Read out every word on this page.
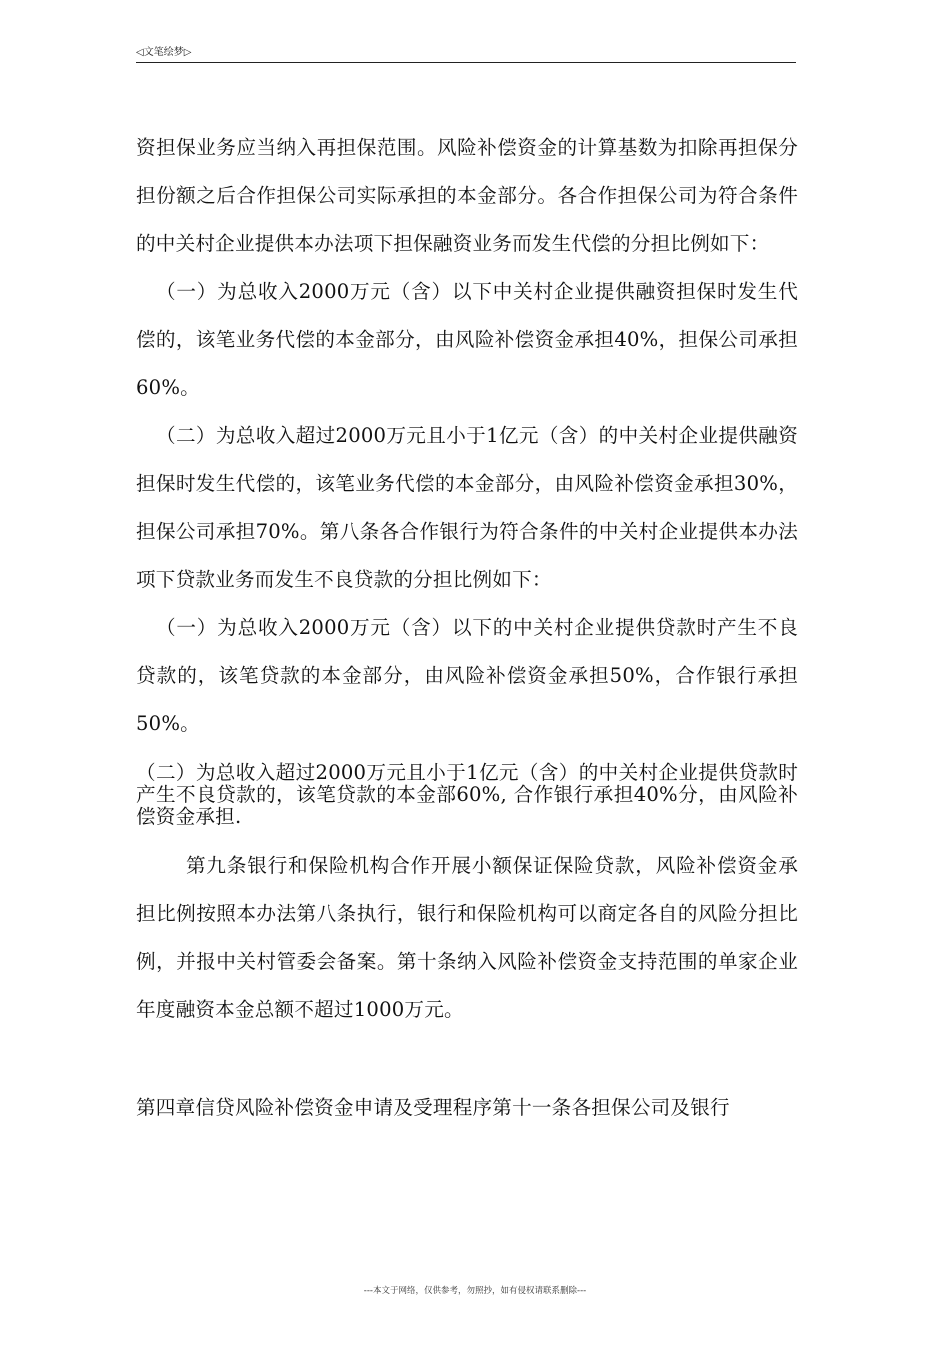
◁文笔绘梦▷

资担保业务应当纳入再担保范围。风险补偿资金的计算基数为扣除再担保分担份额之后合作担保公司实际承担的本金部分。各合作担保公司为符合条件的中关村企业提供本办法项下担保融资业务而发生代偿的分担比例如下：

（一）为总收入2000万元（含）以下中关村企业提供融资担保时发生代偿的，该笔业务代偿的本金部分，由风险补偿资金承担40%，担保公司承担60%。

（二）为总收入超过2000万元且小于1亿元（含）的中关村企业提供融资担保时发生代偿的，该笔业务代偿的本金部分，由风险补偿资金承担30%，担保公司承担70%。第八条各合作银行为符合条件的中关村企业提供本办法项下贷款业务而发生不良贷款的分担比例如下：

（一）为总收入2000万元（含）以下的中关村企业提供贷款时产生不良贷款的，该笔贷款的本金部分，由风险补偿资金承担50%，合作银行承担50%。

（二）为总收入超过2000万元且小于1亿元（含）的中关村企业提供贷款时产生不良贷款的，该笔贷款的本金部60%, 合作银行承担40%分，由风险补偿资金承担.

第九条银行和保险机构合作开展小额保证保险贷款，风险补偿资金承担比例按照本办法第八条执行，银行和保险机构可以商定各自的风险分担比例，并报中关村管委会备案。第十条纳入风险补偿资金支持范围的单家企业年度融资本金总额不超过1000万元。

第四章信贷风险补偿资金申请及受理程序第十一条各担保公司及银行

---本文于网络，仅供参考，勿照抄，如有侵权请联系删除---
